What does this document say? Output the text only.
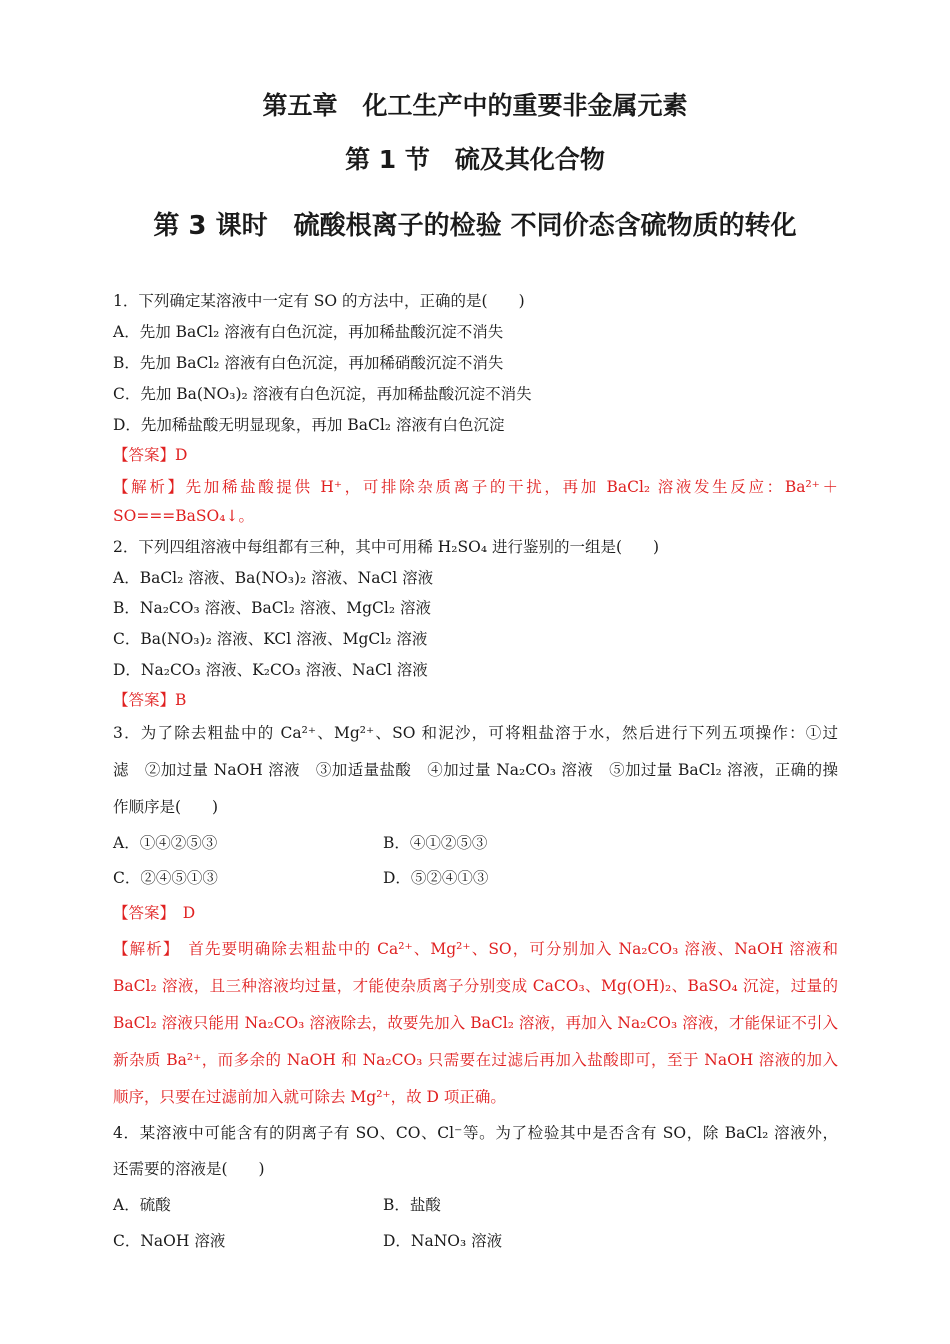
第五章　化工生产中的重要非金属元素
第 1 节　硫及其化合物
第 3 课时　硫酸根离子的检验 不同价态含硫物质的转化
1．下列确定某溶液中一定有 SO 的方法中，正确的是(　　)
A．先加 BaCl₂ 溶液有白色沉淀，再加稀盐酸沉淀不消失
B．先加 BaCl₂ 溶液有白色沉淀，再加稀硝酸沉淀不消失
C．先加 Ba(NO₃)₂ 溶液有白色沉淀，再加稀盐酸沉淀不消失
D．先加稀盐酸无明显现象，再加 BaCl₂ 溶液有白色沉淀
【答案】D
【解析】先加稀盐酸提供 H⁺，可排除杂质离子的干扰，再加 BaCl₂ 溶液发生反应：Ba²⁺＋
SO===BaSO₄↓。
2．下列四组溶液中每组都有三种，其中可用稀 H₂SO₄ 进行鉴别的一组是(　　)
A．BaCl₂ 溶液、Ba(NO₃)₂ 溶液、NaCl 溶液
B．Na₂CO₃ 溶液、BaCl₂ 溶液、MgCl₂ 溶液
C．Ba(NO₃)₂ 溶液、KCl 溶液、MgCl₂ 溶液
D．Na₂CO₃ 溶液、K₂CO₃ 溶液、NaCl 溶液
【答案】B
3．为了除去粗盐中的 Ca²⁺、Mg²⁺、SO 和泥沙，可将粗盐溶于水，然后进行下列五项操作：①过
滤　②加过量 NaOH 溶液　③加适量盐酸　④加过量 Na₂CO₃ 溶液　⑤加过量 BaCl₂ 溶液，正确的操
作顺序是(　　)
A．①④②⑤③	B．④①②⑤③
C．②④⑤①③	D．⑤②④①③
【答案】　D
【解析】　首先要明确除去粗盐中的 Ca²⁺、Mg²⁺、SO，可分别加入 Na₂CO₃ 溶液、NaOH 溶液和
BaCl₂ 溶液，且三种溶液均过量，才能使杂质离子分别变成 CaCO₃、Mg(OH)₂、BaSO₄ 沉淀，过量的
BaCl₂ 溶液只能用 Na₂CO₃ 溶液除去，故要先加入 BaCl₂ 溶液，再加入 Na₂CO₃ 溶液，才能保证不引入
新杂质 Ba²⁺，而多余的 NaOH 和 Na₂CO₃ 只需要在过滤后再加入盐酸即可，至于 NaOH 溶液的加入
顺序，只要在过滤前加入就可除去 Mg²⁺，故 D 项正确。
4．某溶液中可能含有的阴离子有 SO、CO、Cl⁻等。为了检验其中是否含有 SO，除 BaCl₂ 溶液外，
还需要的溶液是(　　)
A．硫酸	B．盐酸
C．NaOH 溶液	D．NaNO₃ 溶液
